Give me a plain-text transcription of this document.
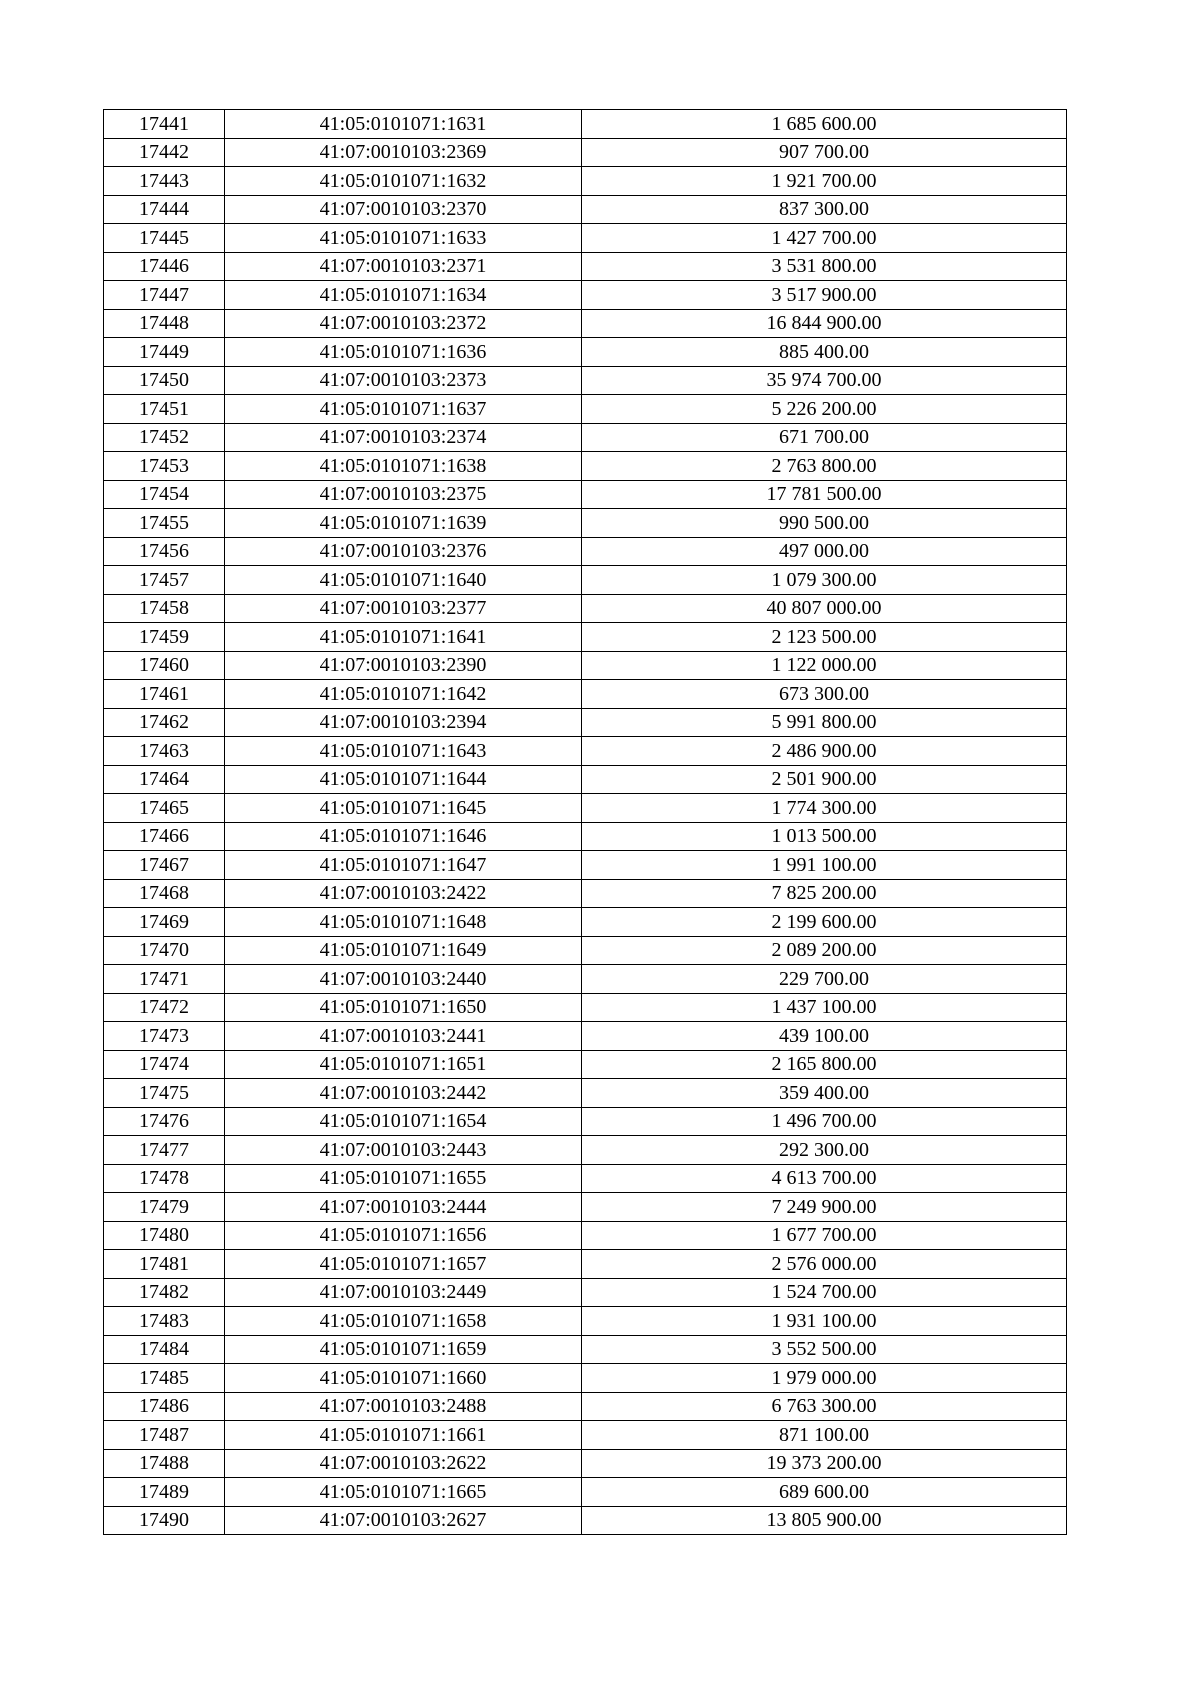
17441	41:05:0101071:1631	1 685 600.00
17442	41:07:0010103:2369	907 700.00
17443	41:05:0101071:1632	1 921 700.00
17444	41:07:0010103:2370	837 300.00
17445	41:05:0101071:1633	1 427 700.00
17446	41:07:0010103:2371	3 531 800.00
17447	41:05:0101071:1634	3 517 900.00
17448	41:07:0010103:2372	16 844 900.00
17449	41:05:0101071:1636	885 400.00
17450	41:07:0010103:2373	35 974 700.00
17451	41:05:0101071:1637	5 226 200.00
17452	41:07:0010103:2374	671 700.00
17453	41:05:0101071:1638	2 763 800.00
17454	41:07:0010103:2375	17 781 500.00
17455	41:05:0101071:1639	990 500.00
17456	41:07:0010103:2376	497 000.00
17457	41:05:0101071:1640	1 079 300.00
17458	41:07:0010103:2377	40 807 000.00
17459	41:05:0101071:1641	2 123 500.00
17460	41:07:0010103:2390	1 122 000.00
17461	41:05:0101071:1642	673 300.00
17462	41:07:0010103:2394	5 991 800.00
17463	41:05:0101071:1643	2 486 900.00
17464	41:05:0101071:1644	2 501 900.00
17465	41:05:0101071:1645	1 774 300.00
17466	41:05:0101071:1646	1 013 500.00
17467	41:05:0101071:1647	1 991 100.00
17468	41:07:0010103:2422	7 825 200.00
17469	41:05:0101071:1648	2 199 600.00
17470	41:05:0101071:1649	2 089 200.00
17471	41:07:0010103:2440	229 700.00
17472	41:05:0101071:1650	1 437 100.00
17473	41:07:0010103:2441	439 100.00
17474	41:05:0101071:1651	2 165 800.00
17475	41:07:0010103:2442	359 400.00
17476	41:05:0101071:1654	1 496 700.00
17477	41:07:0010103:2443	292 300.00
17478	41:05:0101071:1655	4 613 700.00
17479	41:07:0010103:2444	7 249 900.00
17480	41:05:0101071:1656	1 677 700.00
17481	41:05:0101071:1657	2 576 000.00
17482	41:07:0010103:2449	1 524 700.00
17483	41:05:0101071:1658	1 931 100.00
17484	41:05:0101071:1659	3 552 500.00
17485	41:05:0101071:1660	1 979 000.00
17486	41:07:0010103:2488	6 763 300.00
17487	41:05:0101071:1661	871 100.00
17488	41:07:0010103:2622	19 373 200.00
17489	41:05:0101071:1665	689 600.00
17490	41:07:0010103:2627	13 805 900.00
